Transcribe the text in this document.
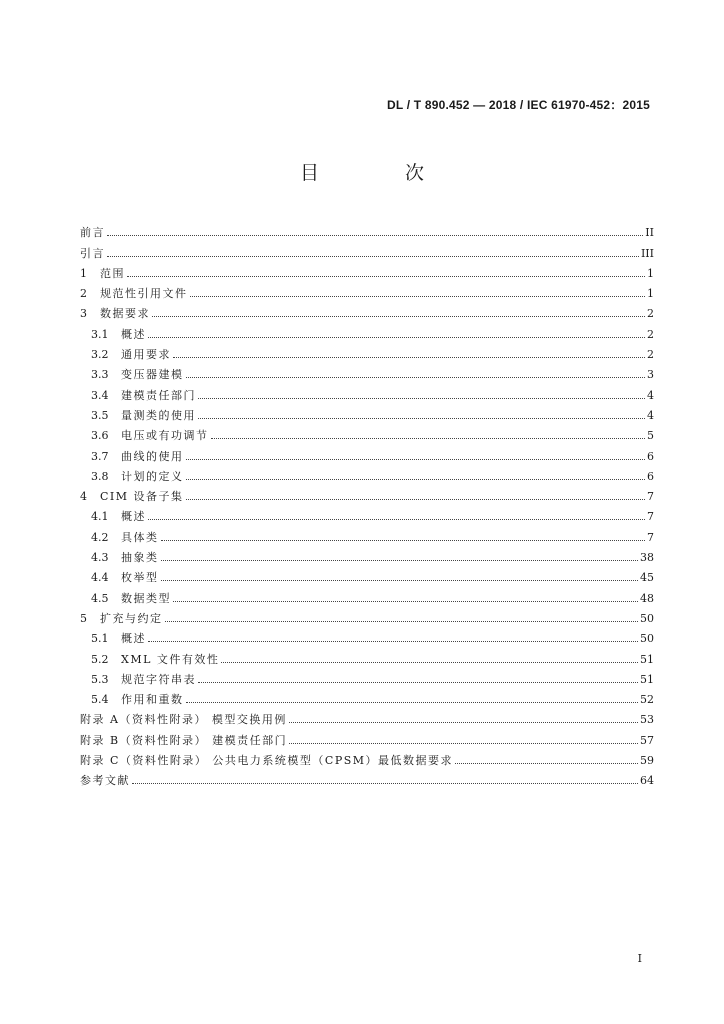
DL / T 890.452 — 2018 / IEC 61970-452：2015
目 次
前言	II
引言	III
1	范围	1
2	规范性引用文件	1
3	数据要求	2
3.1	概述	2
3.2	通用要求	2
3.3	变压器建模	3
3.4	建模责任部门	4
3.5	量测类的使用	4
3.6	电压或有功调节	5
3.7	曲线的使用	6
3.8	计划的定义	6
4	CIM 设备子集	7
4.1	概述	7
4.2	具体类	7
4.3	抽象类	38
4.4	枚举型	45
4.5	数据类型	48
5	扩充与约定	50
5.1	概述	50
5.2	XML 文件有效性	51
5.3	规范字符串表	51
5.4	作用和重数	52
附录 A（资料性附录） 模型交换用例	53
附录 B（资料性附录） 建模责任部门	57
附录 C（资料性附录） 公共电力系统模型（CPSM）最低数据要求	59
参考文献	64
I
